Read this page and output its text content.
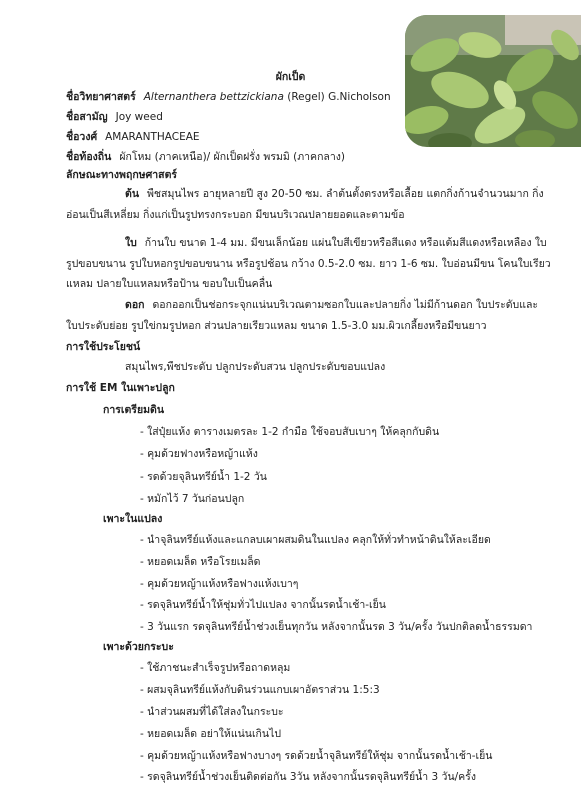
ผักเป็ด
ชื่อวิทยาศาสตร์ Alternanthera bettzickiana (Regel) G.Nicholson
ชื่อสามัญ Joy weed
ชื่อวงศ์ AMARANTHACEAE
ชื่อท้องถิ่น ผักโหม (ภาคเหนือ)/ ผักเป็ดฝรั่ง พรมมิ (ภาคกลาง)
ลักษณะทางพฤกษศาสตร์
ต้น พืชสมุนไพร อายุหลายปี สูง 20-50 ซม. ลำต้นตั้งตรงหรือเลื้อย แตกกิ่งก้านจำนวนมาก กิ่ง
อ่อนเป็นสีเหลี่ยม กิ่งแก่เป็นรูปทรงกระบอก มีขนบริเวณปลายยอดและตามข้อ
ใบ ก้านใบ ขนาด 1-4 มม. มีขนเล็กน้อย แผ่นใบสีเขียวหรือสีแดง หรือแต้มสีแดงหรือเหลือง ใบ
รูปขอบขนาน รูปใบหอกรูปขอบขนาน หรือรูปช้อน กว้าง 0.5-2.0 ซม. ยาว 1-6 ซม. ใบอ่อนมีขน โคนใบเรียว
แหลม ปลายใบแหลมหรือป้าน ขอบใบเป็นคลื่น
ดอก ดอกออกเป็นช่อกระจุกแน่นบริเวณตามซอกใบและปลายกิ่ง ไม่มีก้านดอก ใบประดับและ
ใบประดับย่อย รูปใข่กมรูปหอก ส่วนปลายเรียวแหลม ขนาด 1.5-3.0 มม.ผิวเกลี้ยงหรือมีขนยาว
การใช้ประโยชน์
สมุนไพร,พืชประดับ ปลูกประดับสวน ปลูกประดับขอบแปลง
การใช้ EM ในเพาะปลูก
การเตรียมดิน
- ใส่ปุ๋ยแห้ง ตารางเมตรละ 1-2 กำมือ ใช้จอบสับเบาๆ ให้คลุกกับดิน
- คุมด้วยฟางหรือหญ้าแห้ง
- รดด้วยจุลินทรีย์น้ำ 1-2 วัน
- หมักไว้ 7 วันก่อนปลูก
เพาะในแปลง
- นำจุลินทรีย์แห้งและแกลบเผาผสมดินในแปลง คลุกให้ทั่วทำหน้าดินให้ละเอียด
- หยอดเมล็ด หรือโรยเมล็ด
- คุมด้วยหญ้าแห้งหรือฟางแห้งเบาๆ
- รดจุลินทรีย์น้ำให้ชุ่มทั่วไปแปลง จากนั้นรดน้ำเช้า-เย็น
- 3 วันแรก รดจุลินทรีย์น้ำช่วงเย็นทุกวัน หลังจากนั้นรด 3 วัน/ครั้ง วันปกติลดน้ำธรรมดา
เพาะด้วยกระบะ
- ใช้ภาชนะสำเร็จรูปหรือถาดหลุม
- ผสมจุลินทรีย์แห้งกับดินร่วนแกบเผาอัตราส่วน 1:5:3
- นำส่วนผสมที่ได้ใส่ลงในกระบะ
- หยอดเมล็ด อย่าให้แน่นเกินไป
- คุมด้วยหญ้าแห้งหรือฟางบางๆ รดด้วยน้ำจุลินทรีย์ให้ชุ่ม จากนั้นรดน้ำเช้า-เย็น
- รดจุลินทรีย์น้ำช่วงเย็นติดต่อกัน 3วัน หลังจากนั้นรดจุลินทรีย์น้ำ 3 วัน/ครั้ง
